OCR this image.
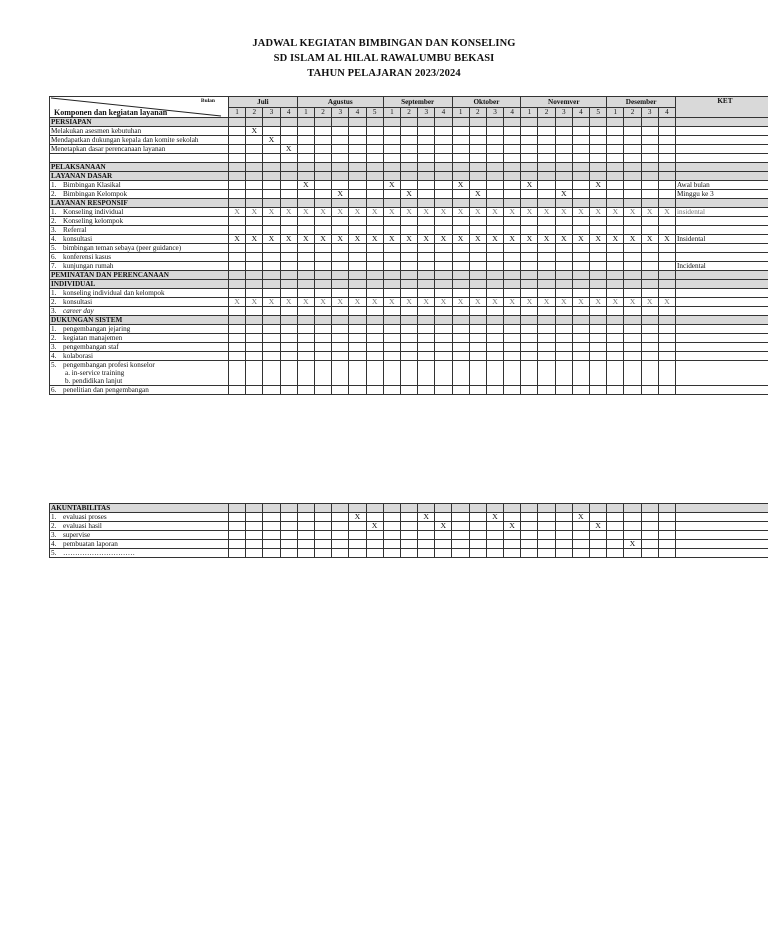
JADWAL KEGIATAN BIMBINGAN DAN KONSELING
SD ISLAM AL HILAL RAWALUMBU BEKASI
TAHUN PELAJARAN 2023/2024
Bulan
Komponen dan kegiatan layanan	Juli				Agustus					September				Oktober				Novemver					Desember				KET
	1	2	3	4	1	2	3	4	5	1	2	3	4	1	2	3	4	1	2	3	4	5	1	2	3	4	
PERSIAPAN																											
Melakukan asesmen kebutuhan		X																									
Mendapatkan dukungan kepala dan komite sekolah			X																								
Menetapkan dasar perencanaan layanan				X																							

PELAKSANAAN																											
LAYANAN DASAR																											
1. Bimbingan Klasikal					X					X				X				X				X					Awal bulan
2. Bimbingan Kelompok							X				X				X					X							Minggu ke 3
LAYANAN RESPONSIF																											
1. Konseling individual	X	X	X	X	X	X	X	X	X	X	X	X	X	X	X	X	X	X	X	X	X	X	X	X	X	X	insidental
2. Konseling kelompok																											
3. Referral																											
4. konsultasi	X	X	X	X	X	X	X	X	X	X	X	X	X	X	X	X	X	X	X	X	X	X	X	X	X	X	Insidental
5. bimbingan teman sebaya (peer guidance)																											
6. konferensi kasus																											
7. kunjungan rumah																											Incidental
PEMINATAN DAN PERENCANAAN																											
INDIVIDUAL																											
1. konseling individual dan kelompok																											
2. konsultasi	X	X	X	X	X	X	X	X	X	X	X	X	X	X	X	X	X	X	X	X	X	X	X	X	X	X	
3. career day																											
DUKUNGAN SISTEM																											
1. pengembangan jejaring																											
2. kegiatan manajemen																											
3. pengembangan staf																											
4. kolaborasi																											
5. pengembangan profesi konselor
a. in-service training
b. pendidikan lanjut																											

6. penelitian dan pengembangan																											
AKUNTABILITAS																											
1. evaluasi proses								X				X				X					X						
2. evaluasi hasil									X				X				X					X					
3. supervise																											
4. pembuatan laporan																								X			
5. …………………………																											
